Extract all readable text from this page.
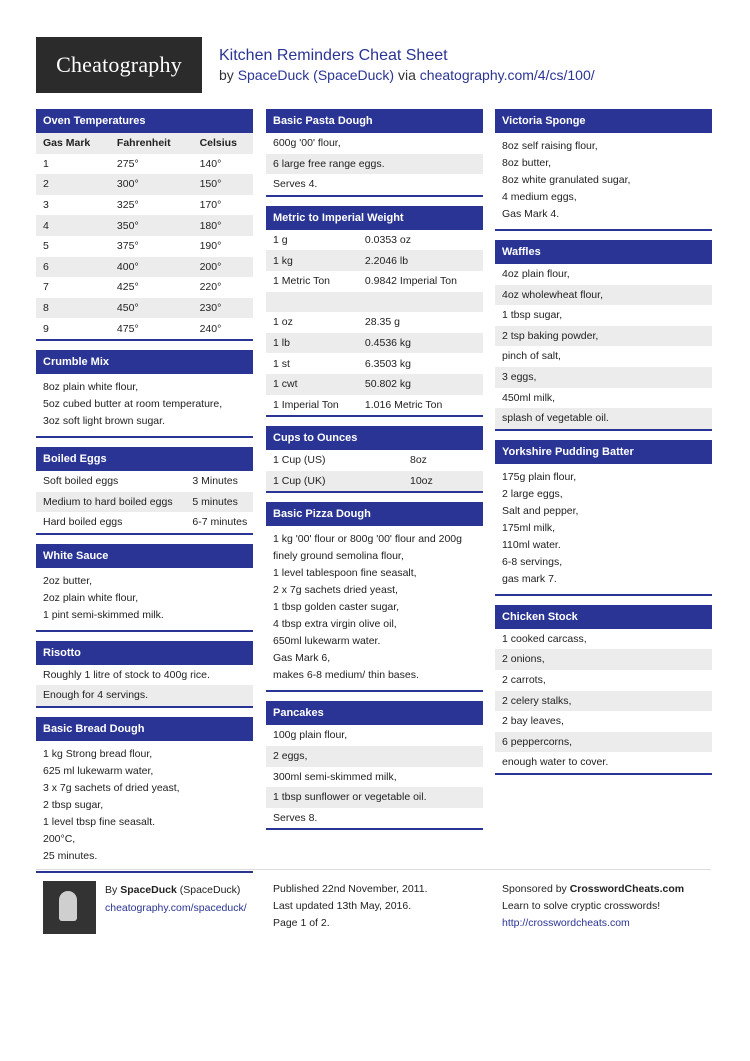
Cheatography Kitchen Reminders Cheat Sheet
by SpaceDuck (SpaceDuck) via cheatography.com/4/cs/100/
Oven Temperatures
Gas Mark	Fahrenheit	Celsius
1	275°	140°
2	300°	150°
3	325°	170°
4	350°	180°
5	375°	190°
6	400°	200°
7	425°	220°
8	450°	230°
9	475°	240°
Crumble Mix
8oz plain white flour,
5oz cubed butter at room temperature,
3oz soft light brown sugar.
Boiled Eggs
Soft boiled eggs	3 Minutes
Medium to hard boiled eggs	5 minutes
Hard boiled eggs	6-7 minutes
White Sauce
2oz butter,
2oz plain white flour,
1 pint semi-skimmed milk.
Risotto
Roughly 1 litre of stock to 400g rice.
Enough for 4 servings.
Basic Bread Dough
1 kg Strong bread flour,
625 ml lukewarm water,
3 x 7g sachets of dried yeast,
2 tbsp sugar,
1 level tbsp fine seasalt.
200°C,
25 minutes.
Basic Pasta Dough
600g '00' flour,
6 large free range eggs.
Serves 4.
Metric to Imperial Weight
1 g	0.0353 oz
1 kg	2.2046 lb
1 Metric Ton	0.9842 Imperial Ton

1 oz	28.35 g
1 lb	0.4536 kg
1 st	6.3503 kg
1 cwt	50.802 kg
1 Imperial Ton	1.016 Metric Ton
Cups to Ounces
1 Cup (US)	8oz
1 Cup (UK)	10oz
Basic Pizza Dough
1 kg '00' flour or 800g '00' flour and 200g finely ground semolina flour,
1 level tablespoon fine seasalt,
2 x 7g sachets dried yeast,
1 tbsp golden caster sugar,
4 tbsp extra virgin olive oil,
650ml lukewarm water.
Gas Mark 6,
makes 6-8 medium/ thin bases.
Pancakes
100g plain flour,
2 eggs,
300ml semi-skimmed milk,
1 tbsp sunflower or vegetable oil.
Serves 8.
Victoria Sponge
8oz self raising flour,
8oz butter,
8oz white granulated sugar,
4 medium eggs,
Gas Mark 4.
Waffles
4oz plain flour,
4oz wholewheat flour,
1 tbsp sugar,
2 tsp baking powder,
pinch of salt,
3 eggs,
450ml milk,
splash of vegetable oil.
Yorkshire Pudding Batter
175g plain flour,
2 large eggs,
Salt and pepper,
175ml milk,
110ml water.
6-8 servings,
gas mark 7.
Chicken Stock
1 cooked carcass,
2 onions,
2 carrots,
2 celery stalks,
2 bay leaves,
6 peppercorns,
enough water to cover.
By SpaceDuck (SpaceDuck)
cheatography.com/spaceduck/
Published 22nd November, 2011.
Last updated 13th May, 2016.
Page 1 of 2.
Sponsored by CrosswordCheats.com
Learn to solve cryptic crosswords!
http://crosswordcheats.com
